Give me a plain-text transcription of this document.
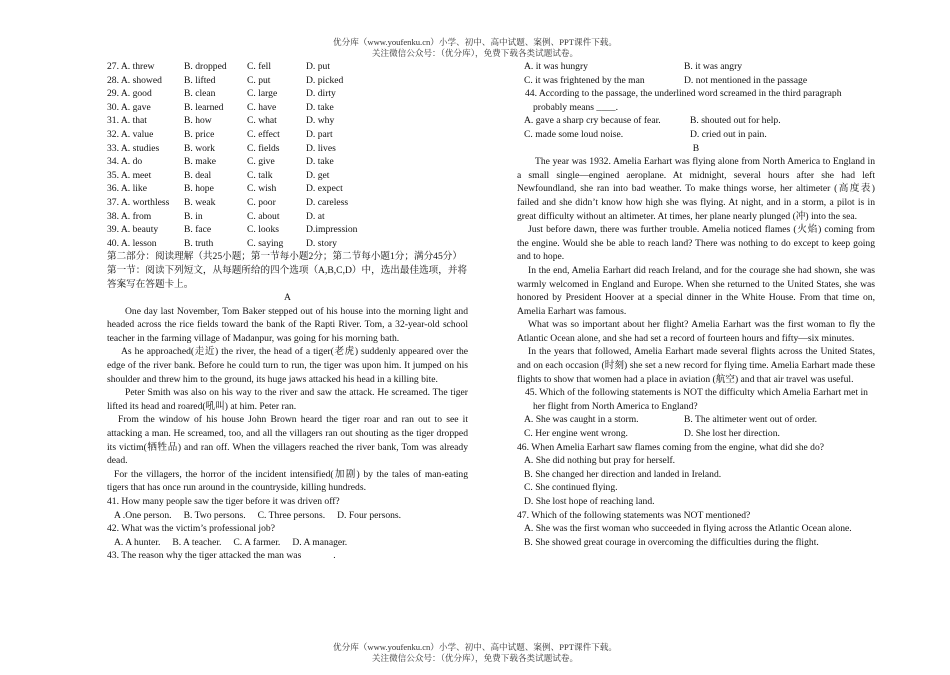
优分库（www.youfenku.cn）小学、初中、高中试题、案例、PPT课件下载。
关注微信公众号：（优分库），免费下载各类试题试卷。
27. A. threw	B. dropped C. fell	D. put
28. A. showed B. lifted	C. put	D. picked
29. A. good	B. clean	C. large	D. dirty
30. A. gave	B. learned C. have	D. take
31. A. that	B. how	C. what	D. why
32. A. value	B. price	C. effect	D. part
33. A. studies	B. work	C. fields	D. lives
34. A. do	B. make	C. give	D. take
35. A. meet	B. deal	C. talk	D. get
36. A. like	B. hope	C. wish	D. expect
37. A. worthless B. weak	C. poor	D. careless
38. A. from	B. in	C. about	D. at
39. A. beauty	B. face	C. looks	D.impression
40. A. lesson	B. truth	C. saying D. story
第二部分：阅读理解（共25小题；第一节每小题2分；第二节每小题1分；满分45分）
第一节：阅读下列短文，从每题所给的四个选项（A,B,C,D）中，选出最佳选项，并将答案写在答题卡上。
A

One day last November, Tom Baker stepped out of his house into the morning light and headed across the rice fields toward the bank of the Rapti River. Tom, a 32-year-old school teacher in the farming village of Madanpur, was going for his morning bath.

As he approached(走近) the river, the head of a tiger(老虎) suddenly appeared over the edge of the river bank. Before he could turn to run, the tiger was upon him. It jumped on his shoulder and threw him to the ground, its huge jaws attacked his head in a killing bite.

Peter Smith was also on his way to the river and saw the attack. He screamed. The tiger lifted its head and roared(吼叫) at him. Peter ran.

From the window of his house John Brown heard the tiger roar and ran out to see it attacking a man. He screamed, too, and all the villagers ran out shouting as the tiger dropped its victim(牺牲品) and ran off. When the villagers reached the river bank, Tom was already dead.

For the villagers, the horror of the incident intensified(加剧) by the tales of man-eating tigers that has once run around in the countryside, killing hundreds.

41. How many people saw the tiger before it was driven off?
A .One person. B. Two persons. C. Three persons. D. Four persons.
42. What was the victim’s professional job?
A. A hunter. B. A teacher. C. A farmer. D. A manager.
43. The reason why the tiger attacked the man was	.
A. it was hungry	B. it was angry
C. it was frightened by the man	D. not mentioned in the passage
44. According to the passage, the underlined word screamed in the third paragraph probably means ____.
A. gave a sharp cry because of fear.	B. shouted out for help.
C. made some loud noise.	D. cried out in pain.
B

The year was 1932. Amelia Earhart was flying alone from North America to England in a small single—engined aeroplane. At midnight, several hours after she had left Newfoundland, she ran into bad weather. To make things worse, her altimeter (高度表) failed and she didn’t know how high she was flying. At night, and in a storm, a pilot is in great difficulty without an altimeter. At times, her plane nearly plunged (冲) into the sea.

Just before dawn, there was further trouble. Amelia noticed flames (火焰) coming from the engine. Would she be able to reach land? There was nothing to do except to keep going and to hope.

In the end, Amelia Earhart did reach Ireland, and for the courage she had shown, she was warmly welcomed in England and Europe. When she returned to the United States, she was honored by President Hoover at a special dinner in the White House. From that time on, Amelia Earhart was famous.

What was so important about her flight? Amelia Earhart was the first woman to fly the Atlantic Ocean alone, and she had set a record of fourteen hours and fifty—six minutes.

In the years that followed, Amelia Earhart made several flights across the United States, and on each occasion (时刻) she set a new record for flying time. Amelia Earhart made these flights to show that women had a place in aviation (航空) and that air travel was useful.

45. Which of the following statements is NOT the difficulty which Amelia Earhart met in her flight from North America to England?
A. She was caught in a storm.	B. The altimeter went out of order.
C. Her engine went wrong.	D. She lost her direction.
46. When Amelia Earhart saw flames coming from the engine, what did she do?
A. She did nothing but pray for herself.
B. She changed her direction and landed in Ireland.
C. She continued flying.
D. She lost hope of reaching land.
47. Which of the following statements was NOT mentioned?
A. She was the first woman who succeeded in flying across the Atlantic Ocean alone.
B. She showed great courage in overcoming the difficulties during the flight.
优分库（www.youfenku.cn）小学、初中、高中试题、案例、PPT课件下载。
关注微信公众号：（优分库），免费下载各类试题试卷。
